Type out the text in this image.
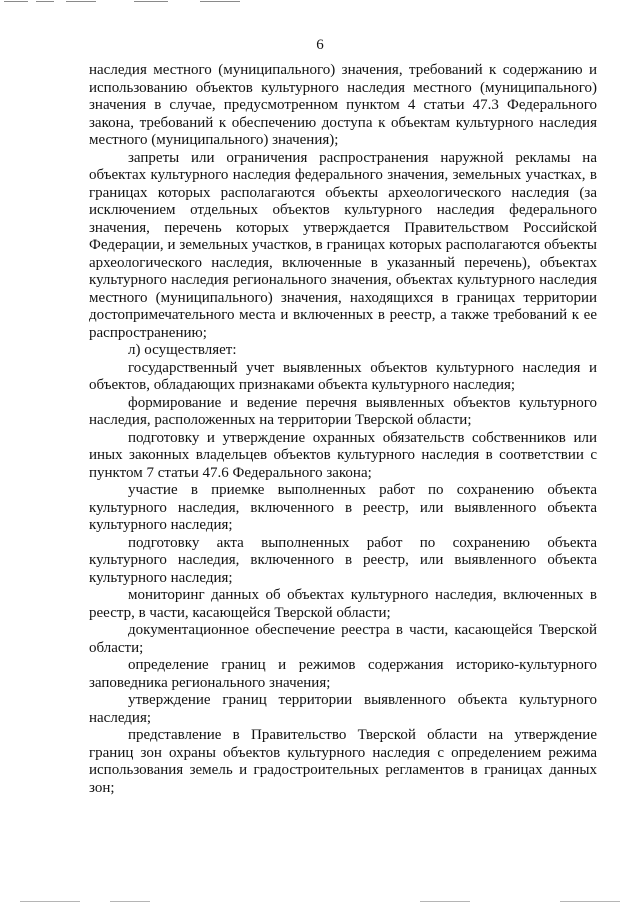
6

наследия местного (муниципального) значения, требований к содержанию и использованию объектов культурного наследия местного (муниципального) значения в случае, предусмотренном пунктом 4 статьи 47.3 Федерального закона, требований к обеспечению доступа к объектам культурного наследия местного (муниципального) значения);

запреты или ограничения распространения наружной рекламы на объектах культурного наследия федерального значения, земельных участках, в границах которых располагаются объекты археологического наследия (за исключением отдельных объектов культурного наследия федерального значения, перечень которых утверждается Правительством Российской Федерации, и земельных участков, в границах которых располагаются объекты археологического наследия, включенные в указанный перечень), объектах культурного наследия регионального значения, объектах культурного наследия местного (муниципального) значения, находящихся в границах территории достопримечательного места и включенных в реестр, а также требований к ее распространению;

л) осуществляет:

государственный учет выявленных объектов культурного наследия и объектов, обладающих признаками объекта культурного наследия;

формирование и ведение перечня выявленных объектов культурного наследия, расположенных на территории Тверской области;

подготовку и утверждение охранных обязательств собственников или иных законных владельцев объектов культурного наследия в соответствии с пунктом 7 статьи 47.6 Федерального закона;

участие в приемке выполненных работ по сохранению объекта культурного наследия, включенного в реестр, или выявленного объекта культурного наследия;

подготовку акта выполненных работ по сохранению объекта культурного наследия, включенного в реестр, или выявленного объекта культурного наследия;

мониторинг данных об объектах культурного наследия, включенных в реестр, в части, касающейся Тверской области;

документационное обеспечение реестра в части, касающейся Тверской области;

определение границ и режимов содержания историко-культурного заповедника регионального значения;

утверждение границ территории выявленного объекта культурного наследия;

представление в Правительство Тверской области на утверждение границ зон охраны объектов культурного наследия с определением режима использования земель и градостроительных регламентов в границах данных зон;
